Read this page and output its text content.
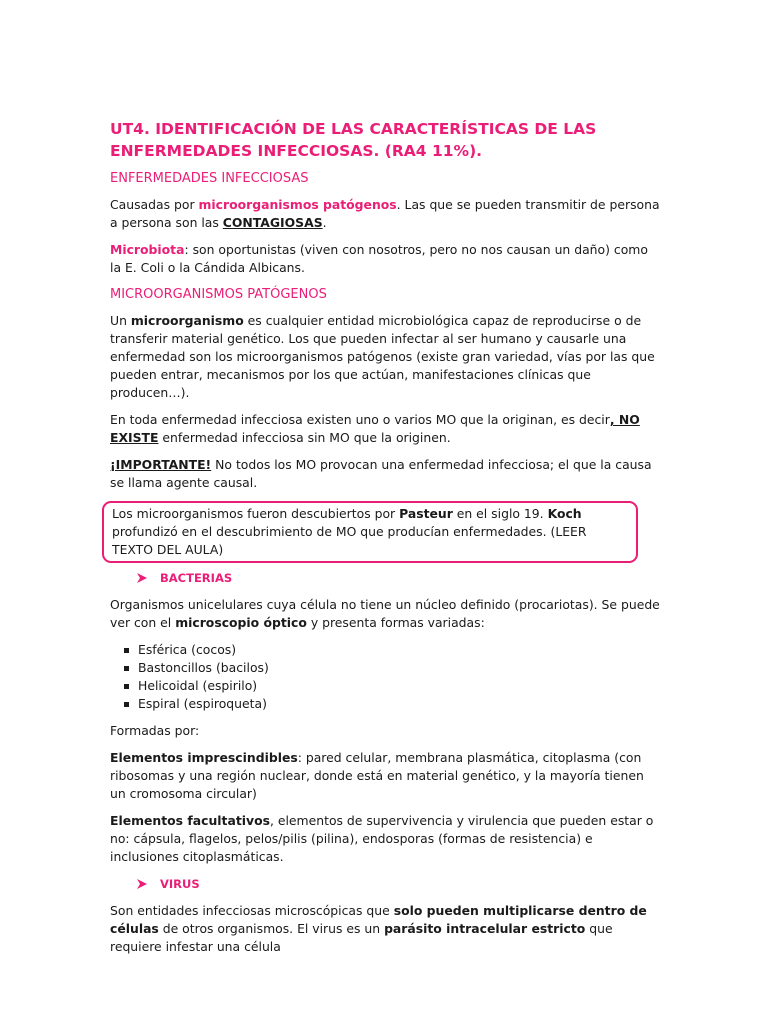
UT4. IDENTIFICACIÓN DE LAS CARACTERÍSTICAS DE LAS ENFERMEDADES INFECCIOSAS. (RA4 11%).
ENFERMEDADES INFECCIOSAS

Causadas por microorganismos patógenos. Las que se pueden transmitir de persona a persona son las CONTAGIOSAS.

Microbiota: son oportunistas (viven con nosotros, pero no nos causan un daño) como la E. Coli o la Cándida Albicans.

MICROORGANISMOS PATÓGENOS

Un microorganismo es cualquier entidad microbiológica capaz de reproducirse o de transferir material genético. Los que pueden infectar al ser humano y causarle una enfermedad son los microorganismos patógenos (existe gran variedad, vías por las que pueden entrar, mecanismos por los que actúan, manifestaciones clínicas que producen…).

En toda enfermedad infecciosa existen uno o varios MO que la originan, es decir, NO EXISTE enfermedad infecciosa sin MO que la originen.

¡IMPORTANTE! No todos los MO provocan una enfermedad infecciosa; el que la causa se llama agente causal.

Los microorganismos fueron descubiertos por Pasteur en el siglo 19. Koch profundizó en el descubrimiento de MO que producían enfermedades. (LEER TEXTO DEL AULA)

BACTERIAS

Organismos unicelulares cuya célula no tiene un núcleo definido (procariotas). Se puede ver con el microscopio óptico y presenta formas variadas:

Esférica (cocos)
Bastoncillos (bacilos)
Helicoidal (espirilo)
Espiral (espiroqueta)

Formadas por:

Elementos imprescindibles: pared celular, membrana plasmática, citoplasma (con ribosomas y una región nuclear, donde está en material genético, y la mayoría tienen un cromosoma circular)

Elementos facultativos, elementos de supervivencia y virulencia que pueden estar o no: cápsula, flagelos, pelos/pilis (pilina), endosporas (formas de resistencia) e inclusiones citoplasmáticas.

VIRUS

Son entidades infecciosas microscópicas que solo pueden multiplicarse dentro de células de otros organismos. El virus es un parásito intracelular estricto que requiere infestar una célula
